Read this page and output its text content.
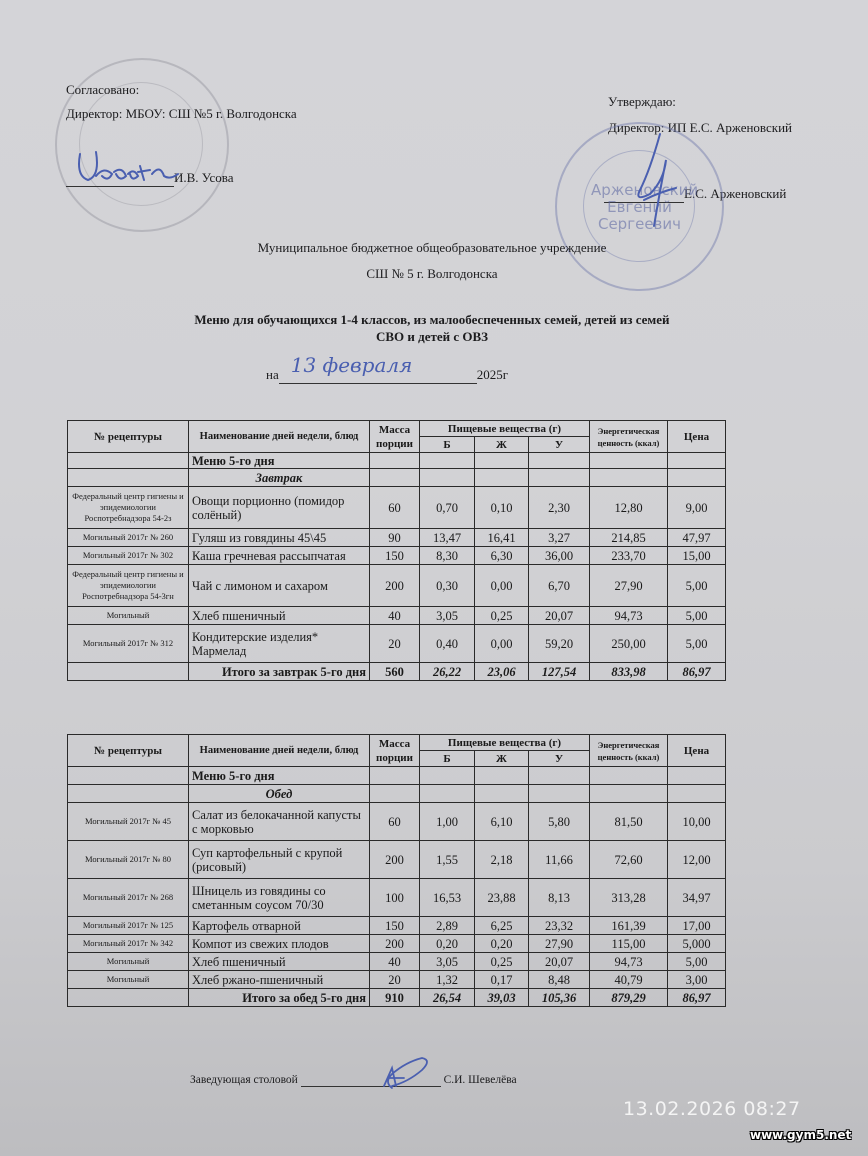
Согласовано:
Директор: МБОУ: СШ №5 г. Волгодонска
И.В. Усова
Утверждаю:
Директор: ИП Е.С. Арженовский
Е.С. Арженовский
Арженовский Евгений Сергеевич
Муниципальное бюджетное общеобразовательное учреждение
СШ № 5 г. Волгодонска
Меню для обучающихся 1-4 классов, из малообеспеченных семей, детей из семей
СВО и детей с ОВЗ
на 13 февраля	2025г
№ рецептуры	Наименование дней недели, блюд	Масса порции	Пищевые вещества (г)			Энергетическая ценность (ккал)	Цена
			Б	Ж	У		
	Меню 5-го дня						
	Завтрак						
Федеральный центр гигиены и эпидемиологии Роспотребнадзора 54-2з	Овощи порционно (помидор солёный)	60	0,70	0,10	2,30	12,80	9,00
Могильный 2017г № 260	Гуляш из говядины 45\45	90	13,47	16,41	3,27	214,85	47,97
Могильный 2017г № 302	Каша гречневая рассыпчатая	150	8,30	6,30	36,00	233,70	15,00
Федеральный центр гигиены и эпидемиологии Роспотребнадзора 54-3гн	Чай с лимоном и сахаром	200	0,30	0,00	6,70	27,90	5,00
Могильный	Хлеб пшеничный	40	3,05	0,25	20,07	94,73	5,00
Могильный 2017г № 312	Кондитерские изделия* Мармелад	20	0,40	0,00	59,20	250,00	5,00
	Итого за завтрак 5-го дня	560	26,22	23,06	127,54	833,98	86,97
№ рецептуры	Наименование дней недели, блюд	Масса порции	Пищевые вещества (г)			Энергетическая ценность (ккал)	Цена
			Б	Ж	У		
	Меню 5-го дня						
	Обед						
Могильный 2017г № 45	Салат из белокачанной капусты с морковью	60	1,00	6,10	5,80	81,50	10,00
Могильный 2017г № 80	Суп картофельный с крупой (рисовый)	200	1,55	2,18	11,66	72,60	12,00
Могильный 2017г № 268	Шницель из говядины со сметанным соусом 70/30	100	16,53	23,88	8,13	313,28	34,97
Могильный 2017г № 125	Картофель отварной	150	2,89	6,25	23,32	161,39	17,00
Могильный 2017г № 342	Компот из свежих плодов	200	0,20	0,20	27,90	115,00	5,000
Могильный	Хлеб пшеничный	40	3,05	0,25	20,07	94,73	5,00
Могильный	Хлеб ржано-пшеничный	20	1,32	0,17	8,48	40,79	3,00
	Итого за обед 5-го дня	910	26,54	39,03	105,36	879,29	86,97
Заведующая столовой	С.И. Шевелёва
13.02.2026 08:27
www.gym5.net
